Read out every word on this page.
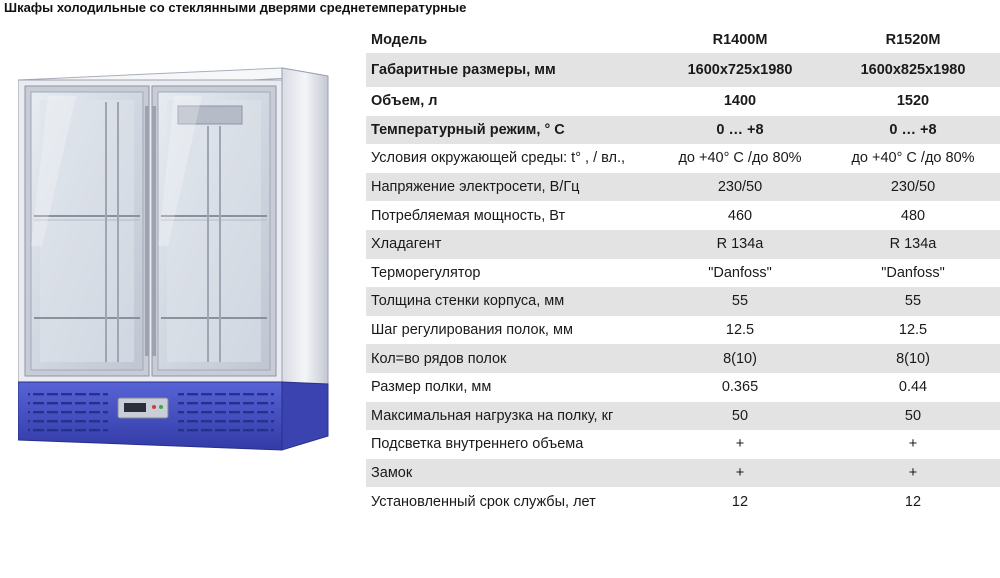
Шкафы холодильные со стеклянными дверями среднетемпературные
Модель	R1400M	R1520M
Габаритные размеры, мм	1600x725x1980	1600x825x1980
Объем, л	1400	1520
Температурный режим, ° С	0 … +8	0 … +8
Условия окружающей среды: t° , / вл.,	до +40° С /до 80%	до +40° С /до 80%
Напряжение электросети, В/Гц	230/50	230/50
Потребляемая мощность, Вт	460	480
Хладагент	R 134a	R 134a
Терморегулятор	"Danfoss"	"Danfoss"
Толщина стенки корпуса, мм	55	55
Шаг регулирования полок, мм	12.5	12.5
Кол=во рядов полок	8(10)	8(10)
Размер полки, мм	0.365	0.44
Максимальная нагрузка на полку, кг	50	50
Подсветка внутреннего объема	+	+
Замок	+	+
Установленный срок службы, лет	12	12
